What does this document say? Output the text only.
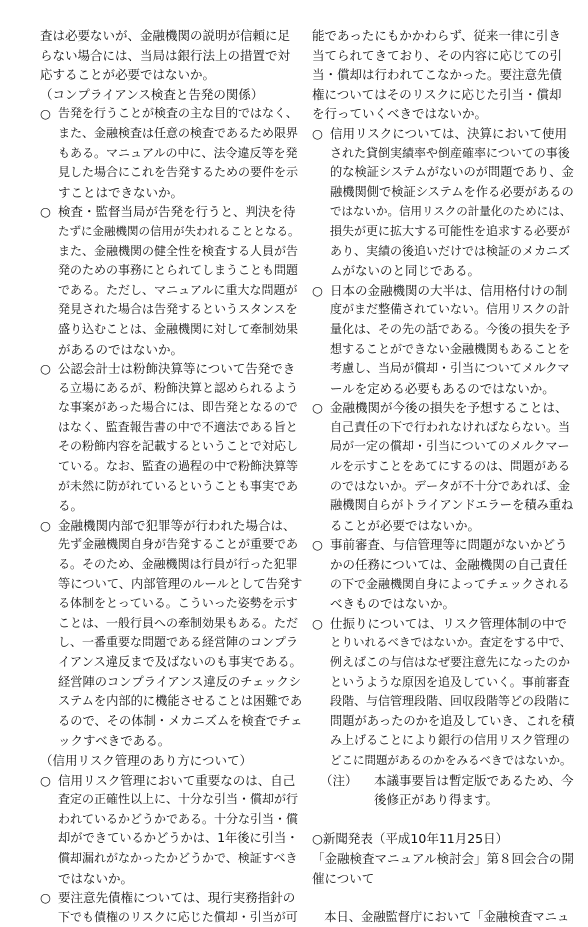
査は必要ないが、金融機関の説明が信頼に足
らない場合には、当局は銀行法上の措置で対
応することが必要ではないか。
（コンプライアンス検査と告発の関係）
○ 告発を行うことが検査の主な目的ではなく、
また、金融検査は任意の検査であるため限界
もある。マニュアルの中に、法令違反等を発
見した場合にこれを告発するための要件を示
すことはできないか。
○ 検査・監督当局が告発を行うと、判決を待
たずに金融機関の信用が失われることとなる。
また、金融機関の健全性を検査する人員が告
発のための事務にとられてしまうことも問題
である。ただし、マニュアルに重大な問題が
発見された場合は告発するというスタンスを
盛り込むことは、金融機関に対して牽制効果
があるのではないか。
○ 公認会計士は粉飾決算等について告発でき
る立場にあるが、粉飾決算と認められるよう
な事案があった場合には、即告発となるので
はなく、監査報告書の中で不適法である旨と
その粉飾内容を記載するということで対応し
ている。なお、監査の過程の中で粉飾決算等
が未然に防がれているということも事実であ
る。
○ 金融機関内部で犯罪等が行われた場合は、
先ず金融機関自身が告発することが重要であ
る。そのため、金融機関は行員が行った犯罪
等について、内部管理のルールとして告発す
る体制をとっている。こういった姿勢を示す
ことは、一般行員への牽制効果もある。ただ
し、一番重要な問題である経営陣のコンプラ
イアンス違反まで及ばないのも事実である。
経営陣のコンプライアンス違反のチェックシ
ステムを内部的に機能させることは困難であ
るので、その体制・メカニズムを検査でチェ
ックすべきである。
（信用リスク管理のあり方について）
○ 信用リスク管理において重要なのは、自己
査定の正確性以上に、十分な引当・償却が行
われているかどうかである。十分な引当・償
却ができているかどうかは、1年後に引当・
償却漏れがなかったかどうかで、検証すべき
ではないか。
○ 要注意先債権については、現行実務指針の
下でも債権のリスクに応じた償却・引当が可
能であったにもかかわらず、従来一律に引き
当てられてきており、その内容に応じての引
当・償却は行われてこなかった。要注意先債
権についてはそのリスクに応じた引当・償却
を行っていくべきではないか。
○ 信用リスクについては、決算において使用
された貸倒実績率や倒産確率についての事後
的な検証システムがないのが問題であり、金
融機関側で検証システムを作る必要があるの
ではないか。信用リスクの計量化のためには、
損失が更に拡大する可能性を追求する必要が
あり、実績の後追いだけでは検証のメカニズ
ムがないのと同じである。
○ 日本の金融機関の大半は、信用格付けの制
度がまだ整備されていない。信用リスクの計
量化は、その先の話である。今後の損失を予
想することができない金融機関もあることを
考慮し、当局が償却・引当についてメルクマ
ールを定める必要もあるのではないか。
○ 金融機関が今後の損失を予想することは、
自己責任の下で行われなければならない。当
局が一定の償却・引当についてのメルクマー
ルを示すことをあてにするのは、問題がある
のではないか。データが不十分であれば、金
融機関自らがトライアンドエラーを積み重ね
ることが必要ではないか。
○ 事前審査、与信管理等に問題がないかどう
かの任務については、金融機関の自己責任
の下で金融機関自身によってチェックされる
べきものではないか。
○ 仕振りについては、リスク管理体制の中で
とりいれるべきではないか。査定をする中で、
例えばこの与信はなぜ要注意先になったのか
というような原因を追及していく。事前審査
段階、与信管理段階、回収段階等どの段階に
問題があったのかを追及していき、これを積
み上げることにより銀行の信用リスク管理の
どこに問題があるのかをみるべきではないか。
（注） 本議事要旨は暫定版であるため、今
後修正があり得ます。
○新聞発表（平成10年11月25日）
「金融検査マニュアル検討会」第８回会合の開
催について
　本日、金融監督庁において「金融検査マニュ
